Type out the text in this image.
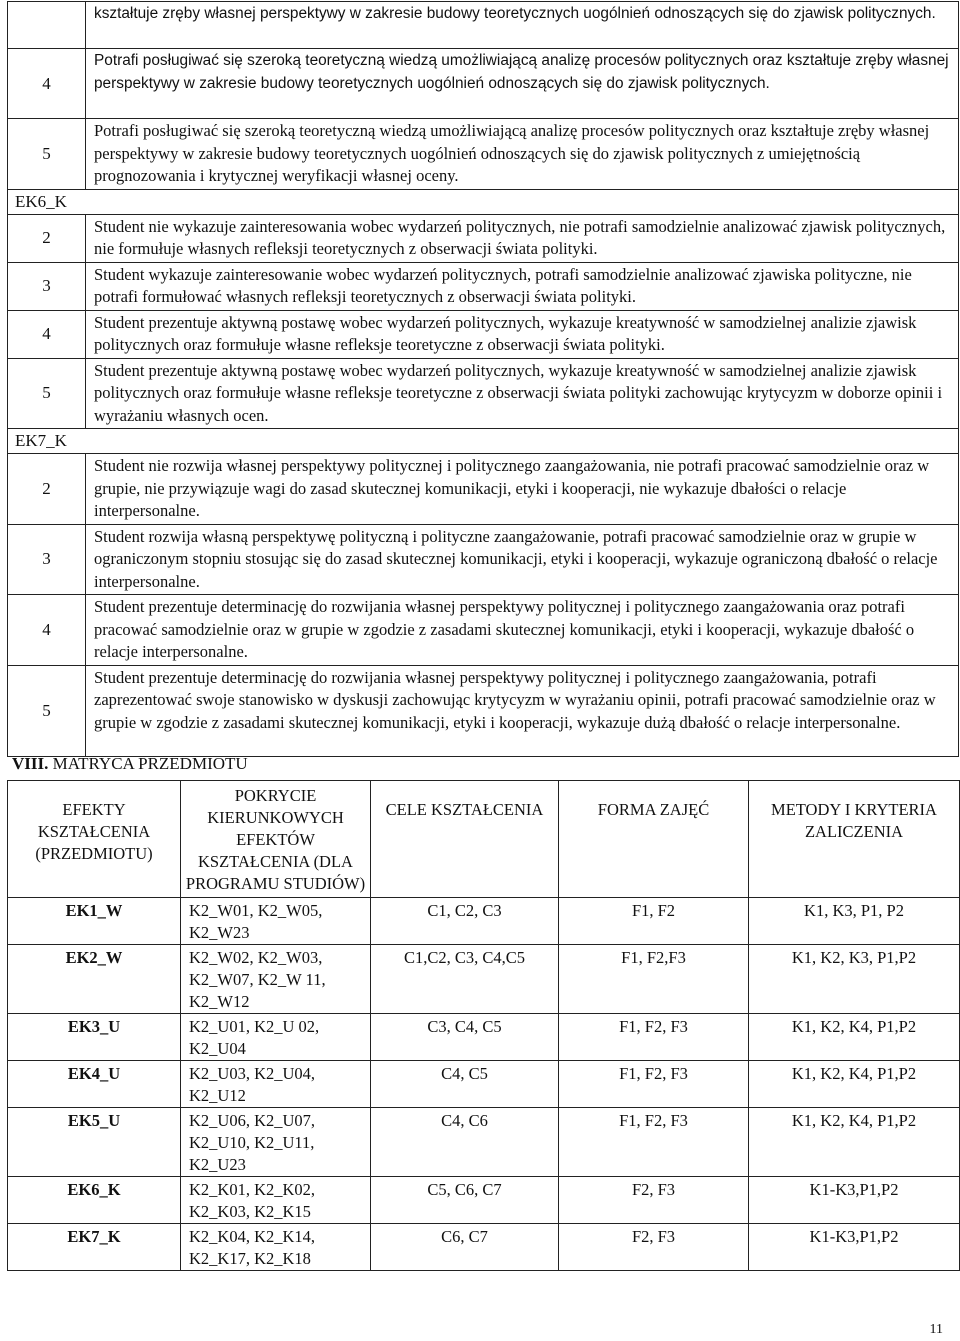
	kształtuje zręby własnej perspektywy w zakresie budowy teoretycznych uogólnień odnoszących się do zjawisk politycznych.
4	Potrafi posługiwać się szeroką teoretyczną wiedzą umożliwiającą analizę procesów politycznych oraz kształtuje zręby własnej perspektywy w zakresie budowy teoretycznych uogólnień odnoszących się do zjawisk politycznych.
5	Potrafi posługiwać się szeroką teoretyczną wiedzą umożliwiającą analizę procesów politycznych oraz kształtuje zręby własnej perspektywy w zakresie budowy teoretycznych uogólnień odnoszących się do zjawisk politycznych z umiejętnością prognozowania i krytycznej weryfikacji własnej oceny.
EK6_K	
2	Student nie wykazuje zainteresowania wobec wydarzeń politycznych, nie potrafi samodzielnie analizować zjawisk politycznych, nie formułuje własnych refleksji teoretycznych z obserwacji świata polityki.
3	Student wykazuje zainteresowanie wobec wydarzeń politycznych, potrafi samodzielnie analizować zjawiska polityczne, nie potrafi formułować własnych refleksji teoretycznych z obserwacji świata polityki.
4	Student prezentuje aktywną postawę wobec wydarzeń politycznych, wykazuje kreatywność w samodzielnej analizie zjawisk politycznych oraz formułuje własne refleksje teoretyczne z obserwacji świata polityki.
5	Student prezentuje aktywną postawę wobec wydarzeń politycznych, wykazuje kreatywność w samodzielnej analizie zjawisk politycznych oraz formułuje własne refleksje teoretyczne z obserwacji świata polityki zachowując krytycyzm w doborze opinii i wyrażaniu własnych ocen.
EK7_K	
2	Student nie rozwija własnej perspektywy politycznej i politycznego zaangażowania, nie potrafi pracować samodzielnie oraz w grupie, nie przywiązuje wagi do zasad skutecznej komunikacji, etyki i kooperacji, nie wykazuje dbałości o relacje interpersonalne.
3	Student rozwija własną perspektywę polityczną i polityczne zaangażowanie, potrafi pracować samodzielnie oraz w grupie w ograniczonym stopniu stosując się do zasad skutecznej komunikacji, etyki i kooperacji, wykazuje ograniczoną dbałość o relacje interpersonalne.
4	Student prezentuje determinację do rozwijania własnej perspektywy politycznej i politycznego zaangażowania oraz potrafi pracować samodzielnie oraz w grupie w zgodzie z zasadami skutecznej komunikacji, etyki i kooperacji, wykazuje dbałość o relacje interpersonalne.
5	Student prezentuje determinację do rozwijania własnej perspektywy politycznej i politycznego zaangażowania, potrafi zaprezentować swoje stanowisko w dyskusji zachowując krytycyzm w wyrażaniu opinii, potrafi pracować samodzielnie oraz w grupie w zgodzie z zasadami skutecznej komunikacji, etyki i kooperacji, wykazuje dużą dbałość o relacje interpersonalne.
VIII. MATRYCA PRZEDMIOTU
EFEKTY KSZTAŁCENIA (PRZEDMIOTU)	POKRYCIE KIERUNKOWYCH EFEKTÓW KSZTAŁCENIA (DLA PROGRAMU STUDIÓW)	CELE KSZTAŁCENIA	FORMA ZAJĘĆ	METODY I KRYTERIA ZALICZENIA
EK1_W	K2_W01, K2_W05, K2_W23	C1, C2, C3	F1, F2	K1, K3, P1, P2
EK2_W	K2_W02, K2_W03, K2_W07, K2_W 11, K2_W12	C1,C2, C3, C4,C5	F1, F2,F3	K1, K2, K3, P1,P2
EK3_U	K2_U01, K2_U 02, K2_U04	C3, C4, C5	F1, F2, F3	K1, K2, K4, P1,P2
EK4_U	K2_U03, K2_U04, K2_U12	C4, C5	F1, F2, F3	K1, K2, K4, P1,P2
EK5_U	K2_U06, K2_U07, K2_U10, K2_U11, K2_U23	C4, C6	F1, F2, F3	K1, K2, K4, P1,P2
EK6_K	K2_K01, K2_K02, K2_K03, K2_K15	C5, C6, C7	F2, F3	K1-K3,P1,P2
EK7_K	K2_K04, K2_K14, K2_K17, K2_K18	C6, C7	F2, F3	K1-K3,P1,P2
11
